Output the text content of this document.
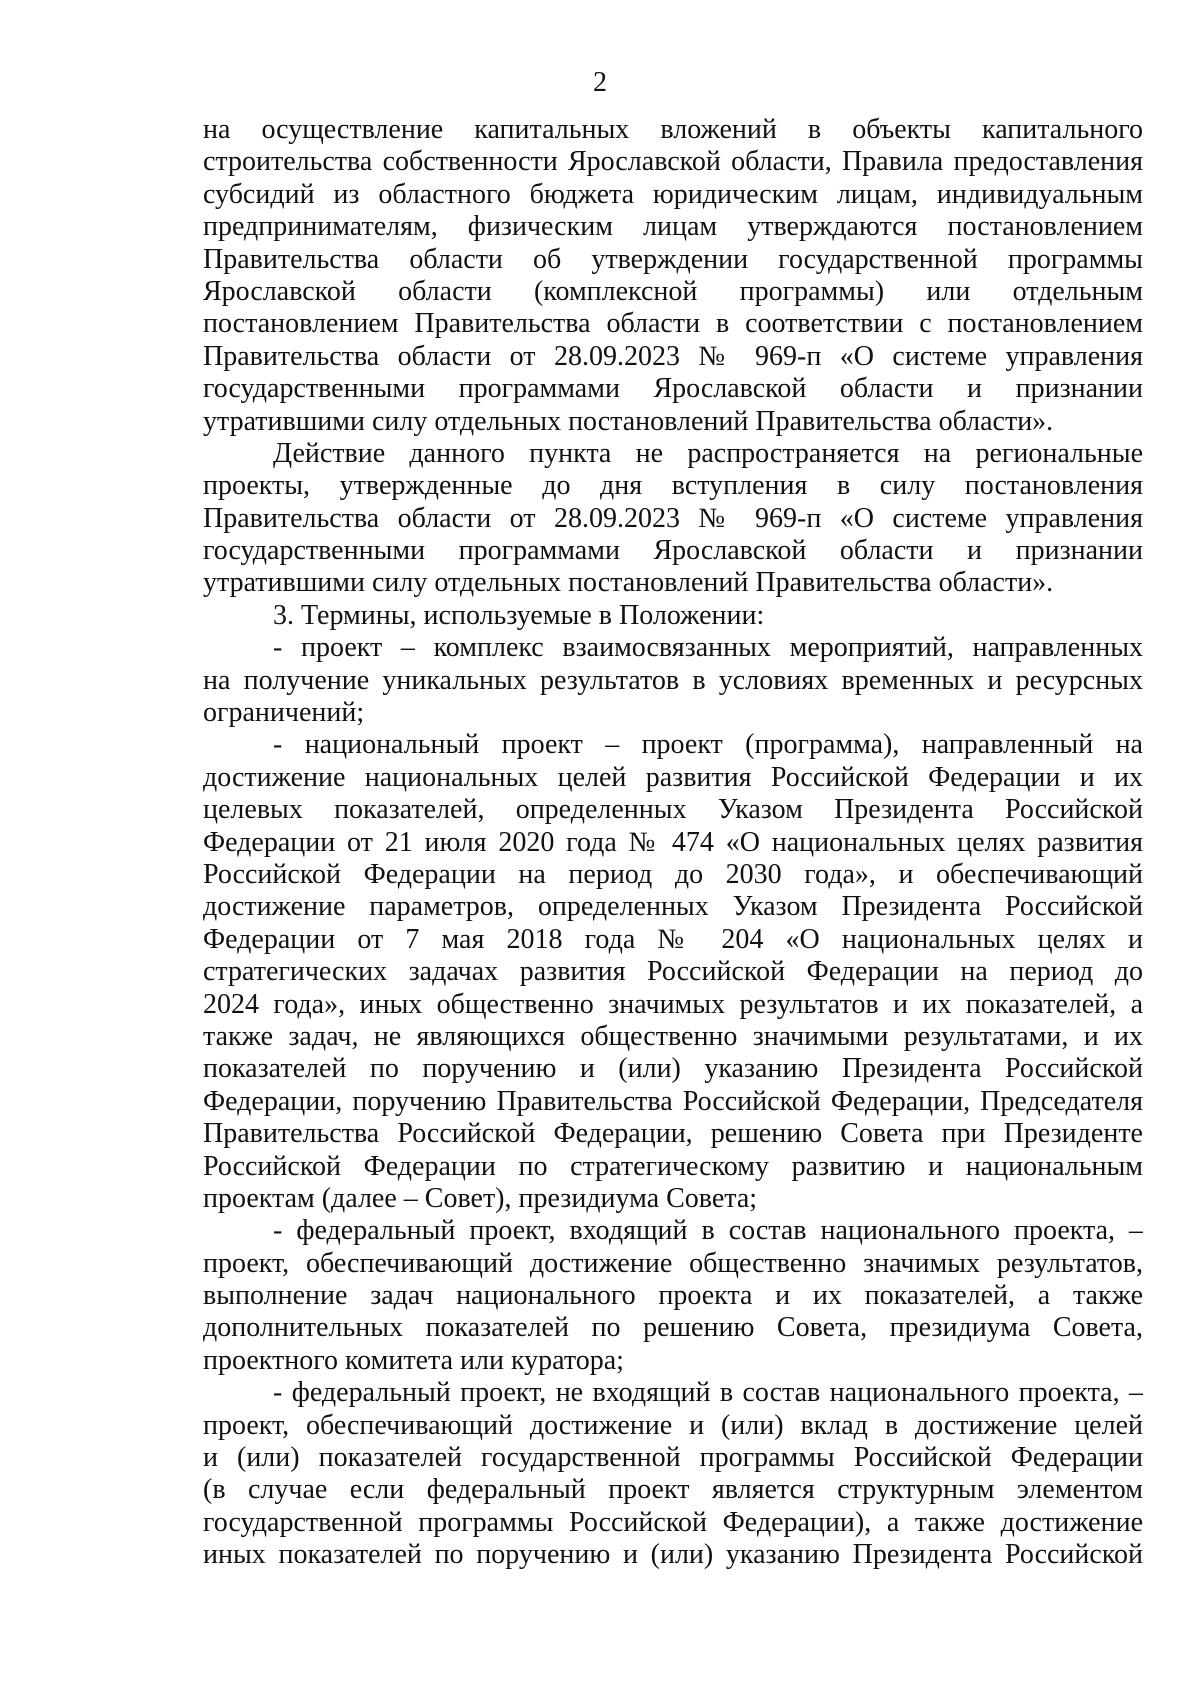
2
на осуществление капитальных вложений в объекты капитального
строительства собственности Ярославской области, Правила предоставления
субсидий из областного бюджета юридическим лицам, индивидуальным
предпринимателям, физическим лицам утверждаются постановлением
Правительства области об утверждении государственной программы
Ярославской области (комплексной программы) или отдельным
постановлением Правительства области в соответствии с постановлением
Правительства области от 28.09.2023 № 969-п «О системе управления
государственными программами Ярославской области и признании
утратившими силу отдельных постановлений Правительства области».
Действие данного пункта не распространяется на региональные
проекты, утвержденные до дня вступления в силу постановления
Правительства области от 28.09.2023 № 969-п «О системе управления
государственными программами Ярославской области и признании
утратившими силу отдельных постановлений Правительства области».
3. Термины, используемые в Положении:
- проект – комплекс взаимосвязанных мероприятий, направленных
на получение уникальных результатов в условиях временных и ресурсных
ограничений;
- национальный проект – проект (программа), направленный на
достижение национальных целей развития Российской Федерации и их
целевых показателей, определенных Указом Президента Российской
Федерации от 21 июля 2020 года № 474 «О национальных целях развития
Российской Федерации на период до 2030 года», и обеспечивающий
достижение параметров, определенных Указом Президента Российской
Федерации от 7 мая 2018 года № 204 «О национальных целях и
стратегических задачах развития Российской Федерации на период до
2024 года», иных общественно значимых результатов и их показателей, а
также задач, не являющихся общественно значимыми результатами, и их
показателей по поручению и (или) указанию Президента Российской
Федерации, поручению Правительства Российской Федерации, Председателя
Правительства Российской Федерации, решению Совета при Президенте
Российской Федерации по стратегическому развитию и национальным
проектам (далее – Совет), президиума Совета;
- федеральный проект, входящий в состав национального проекта, –
проект, обеспечивающий достижение общественно значимых результатов,
выполнение задач национального проекта и их показателей, а также
дополнительных показателей по решению Совета, президиума Совета,
проектного комитета или куратора;
- федеральный проект, не входящий в состав национального проекта, –
проект, обеспечивающий достижение и (или) вклад в достижение целей
и (или) показателей государственной программы Российской Федерации
(в случае если федеральный проект является структурным элементом
государственной программы Российской Федерации), а также достижение
иных показателей по поручению и (или) указанию Президента Российской
